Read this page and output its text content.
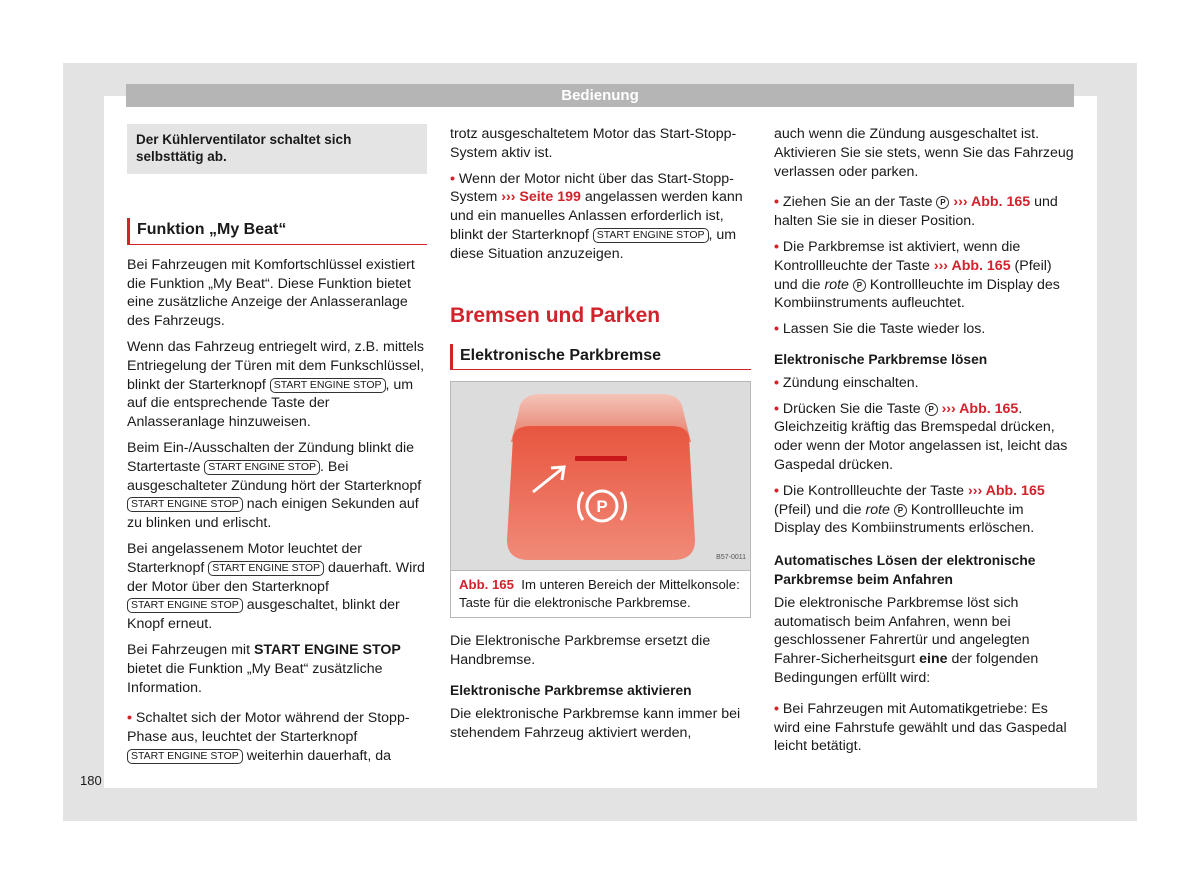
Bedienung
180
Der Kühlerventilator schaltet sich selbsttätig ab.
Funktion „My Beat“

Bei Fahrzeugen mit Komfortschlüssel existiert die Funktion „My Beat“. Diese Funktion bietet eine zusätzliche Anzeige der Anlasseranlage des Fahrzeugs.

Wenn das Fahrzeug entriegelt wird, z.B. mittels Entriegelung der Türen mit dem Funkschlüssel, blinkt der Starterknopf START ENGINE STOP , um auf die entsprechende Taste der Anlasseranlage hinzuweisen.

Beim Ein-/Ausschalten der Zündung blinkt die Startertaste START ENGINE STOP . Bei ausgeschalteter Zündung hört der Starterknopf START ENGINE STOP nach einigen Sekunden auf zu blinken und erlischt.

Bei angelassenem Motor leuchtet der Starterknopf START ENGINE STOP dauerhaft. Wird der Motor über den Starterknopf START ENGINE STOP ausgeschaltet, blinkt der Knopf erneut.

Bei Fahrzeugen mit START ENGINE STOP bietet die Funktion „My Beat“ zusätzliche Information.

• Schaltet sich der Motor während der Stopp-Phase aus, leuchtet der Starterknopf START ENGINE STOP weiterhin dauerhaft, da

trotz ausgeschaltetem Motor das Start-Stopp-System aktiv ist.

• Wenn der Motor nicht über das Start-Stopp-System ››› Seite 199 angelassen werden kann und ein manuelles Anlassen erforderlich ist, blinkt der Starterknopf START ENGINE STOP , um diese Situation anzuzeigen.

Bremsen und Parken
Elektronische Parkbremse
P
B57-0011
Abb. 165 Im unteren Bereich der Mittelkonsole: Taste für die elektronische Parkbremse.

Die Elektronische Parkbremse ersetzt die Handbremse.

Elektronische Parkbremse aktivieren

Die elektronische Parkbremse kann immer bei stehendem Fahrzeug aktiviert werden,

auch wenn die Zündung ausgeschaltet ist. Aktivieren Sie sie stets, wenn Sie das Fahrzeug verlassen oder parken.

• Ziehen Sie an der Taste P ››› Abb. 165 und halten Sie sie in dieser Position.

• Die Parkbremse ist aktiviert, wenn die Kontrollleuchte der Taste ››› Abb. 165 (Pfeil) und die rote P Kontrollleuchte im Display des Kombiinstruments aufleuchtet.

• Lassen Sie die Taste wieder los.

Elektronische Parkbremse lösen

• Zündung einschalten.

• Drücken Sie die Taste P ››› Abb. 165. Gleichzeitig kräftig das Bremspedal drücken, oder wenn der Motor angelassen ist, leicht das Gaspedal drücken.

• Die Kontrollleuchte der Taste ››› Abb. 165 (Pfeil) und die rote P Kontrollleuchte im Display des Kombiinstruments erlöschen.

Automatisches Lösen der elektronische Parkbremse beim Anfahren

Die elektronische Parkbremse löst sich automatisch beim Anfahren, wenn bei geschlossener Fahrertür und angelegten Fahrer-Sicherheitsgurt eine der folgenden Bedingungen erfüllt wird:

• Bei Fahrzeugen mit Automatikgetriebe: Es wird eine Fahrstufe gewählt und das Gaspedal leicht betätigt.
